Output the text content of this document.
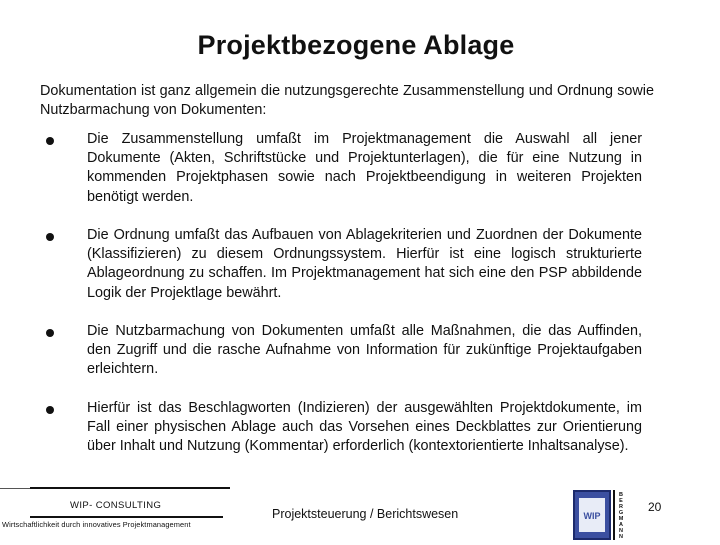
Projektbezogene Ablage
Dokumentation ist ganz allgemein die nutzungsgerechte Zusammenstellung und Ordnung sowie Nutzbarmachung von Dokumenten:
Die Zusammenstellung umfaßt im Projektmanagement die Auswahl all jener Dokumente (Akten, Schriftstücke und Projektunterlagen), die für eine Nutzung in kommenden Projektphasen sowie nach Projektbeendigung in weiteren Projekten benötigt werden.
Die Ordnung umfaßt das Aufbauen von Ablagekriterien und Zuordnen der Dokumente (Klassifizieren) zu diesem Ordnungssystem. Hierfür ist eine logisch strukturierte Ablageordnung zu schaffen. Im Projektmanagement hat sich eine den PSP abbildende Logik der Projektlage bewährt.
Die Nutzbarmachung von Dokumenten umfaßt alle Maßnahmen, die das Auffinden, den Zugriff und die rasche Aufnahme von Information für zukünftige Projektaufgaben erleichtern.
Hierfür ist das Beschlagworten (Indizieren) der ausgewählten Projektdokumente, im Fall einer physischen Ablage auch das Vorsehen eines Deckblattes zur Orientierung über Inhalt und Nutzung (Kommentar) erforderlich (kontextorientierte Inhaltsanalyse).
WIP- CONSULTING
Wirtschaftlichkeit durch innovatives Projektmanagement
Projektsteuerung / Berichtswesen	WIP
B
E
R
G
M
A
N
N
20
